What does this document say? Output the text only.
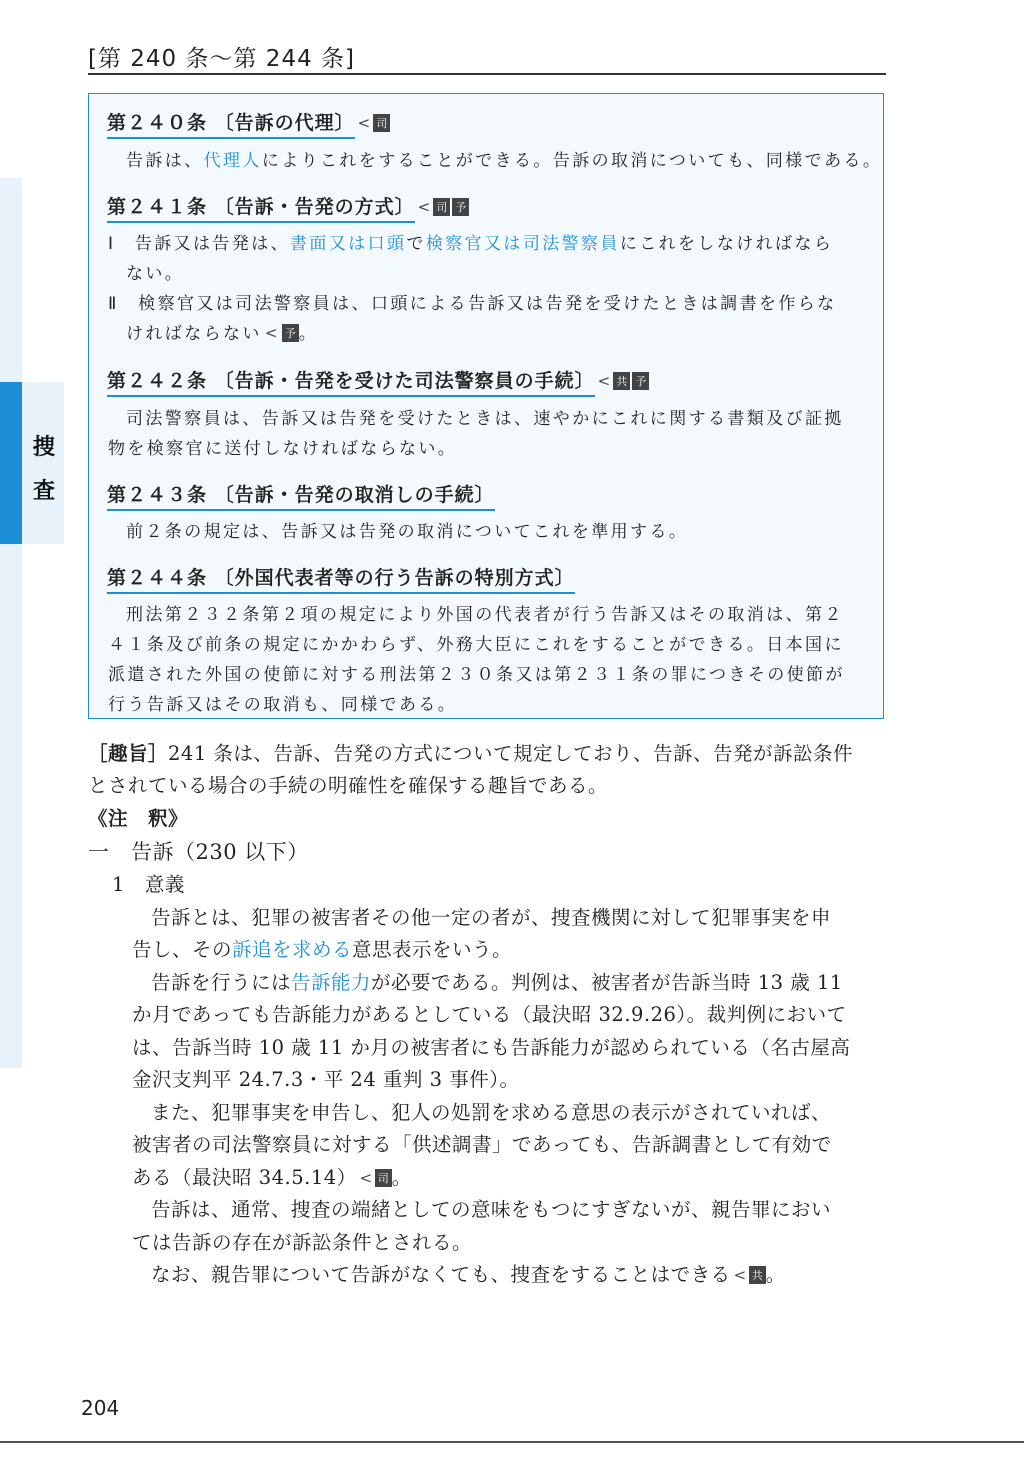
[第 240 条〜第 244 条]
捜
査
第２４０条 〔告訴の代理〕 < 司
告訴は、代理人によりこれをすることができる。告訴の取消についても、同様である。
第２４１条 〔告訴・告発の方式〕 < 司 予
Ⅰ　告訴又は告発は、書面又は口頭で検察官又は司法警察員にこれをしなければなら
ない。
Ⅱ　検察官又は司法警察員は、口頭による告訴又は告発を受けたときは調書を作らな
ければならない < 予 。
第２４２条 〔告訴・告発を受けた司法警察員の手続〕 < 共 予
司法警察員は、告訴又は告発を受けたときは、速やかにこれに関する書類及び証拠
物を検察官に送付しなければならない。
第２４３条 〔告訴・告発の取消しの手続〕
前２条の規定は、告訴又は告発の取消についてこれを準用する。
第２４４条 〔外国代表者等の行う告訴の特別方式〕
刑法第２３２条第２項の規定により外国の代表者が行う告訴又はその取消は、第２
４１条及び前条の規定にかかわらず、外務大臣にこれをすることができる。日本国に
派遣された外国の使節に対する刑法第２３０条又は第２３１条の罪につきその使節が
行う告訴又はその取消も、同様である。
［趣旨］241 条は、告訴、告発の方式について規定しており、告訴、告発が訴訟条件
とされている場合の手続の明確性を確保する趣旨である。
《注　釈》
一　告訴（230 以下）
1　意義
告訴とは、犯罪の被害者その他一定の者が、捜査機関に対して犯罪事実を申
告し、その訴追を求める意思表示をいう。
告訴を行うには告訴能力が必要である。判例は、被害者が告訴当時 13 歳 11
か月であっても告訴能力があるとしている（最決昭 32.9.26）。裁判例において
は、告訴当時 10 歳 11 か月の被害者にも告訴能力が認められている（名古屋高
金沢支判平 24.7.3・平 24 重判 3 事件）。
また、犯罪事実を申告し、犯人の処罰を求める意思の表示がされていれば、
被害者の司法警察員に対する「供述調書」であっても、告訴調書として有効で
ある（最決昭 34.5.14） < 司 。
告訴は、通常、捜査の端緒としての意味をもつにすぎないが、親告罪におい
ては告訴の存在が訴訟条件とされる。
なお、親告罪について告訴がなくても、捜査をすることはできる < 共 。
204
